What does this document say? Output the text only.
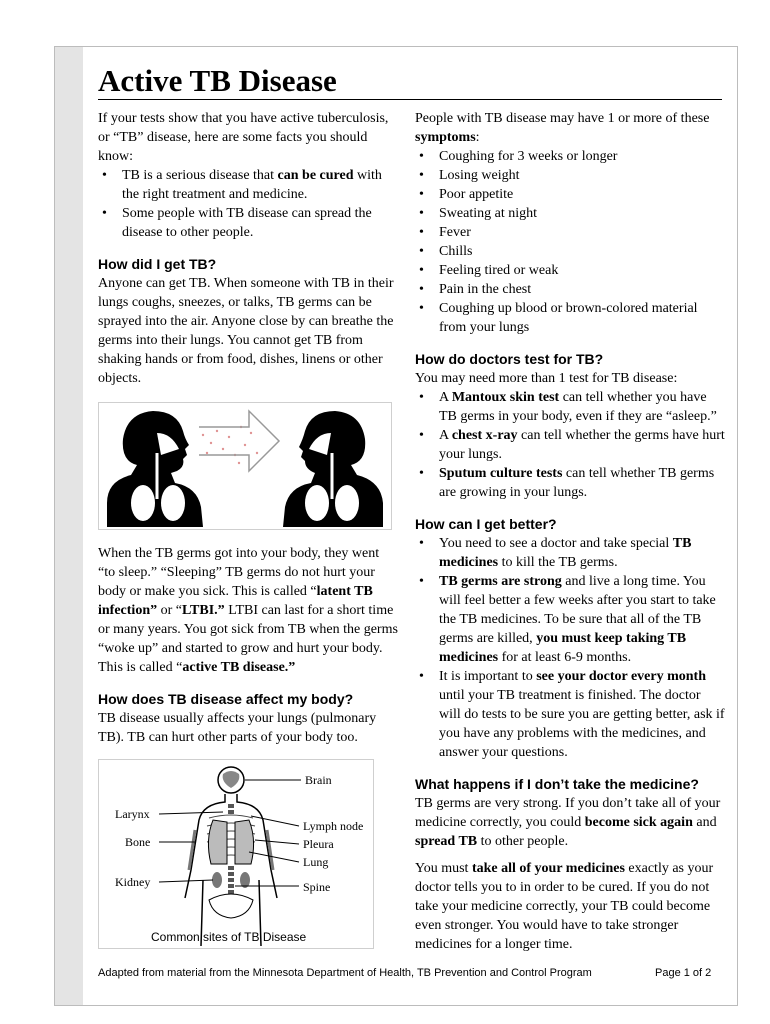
Active TB Disease

If your tests show that you have active tuberculosis, or “TB” disease, here are some facts you should know:

• TB is a serious disease that can be cured with the right treatment and medicine.
• Some people with TB disease can spread the disease to other people.
How did I get TB?

Anyone can get TB. When someone with TB in their lungs coughs, sneezes, or talks, TB germs can be sprayed into the air. Anyone close by can breathe the germs into their lungs. You cannot get TB from shaking hands or from food, dishes, linens or other objects.

When the TB germs got into your body, they went “to sleep.” “Sleeping” TB germs do not hurt your body or make you sick. This is called “latent TB infection” or “LTBI.” LTBI can last for a short time or many years. You got sick from TB when the germs “woke up” and started to grow and hurt your body. This is called “active TB disease.”

How does TB disease affect my body?

TB disease usually affects your lungs (pulmonary TB). TB can hurt other parts of your body too.

Brain
Larynx
Lymph node
Bone	Pleura
Lung
Kidney	Spine
Common sites of TB Disease

People with TB disease may have 1 or more of these symptoms:

• Coughing for 3 weeks or longer
• Losing weight
• Poor appetite
• Sweating at night
• Fever
• Chills
• Feeling tired or weak
• Pain in the chest
• Coughing up blood or brown-colored material from your lungs
How do doctors test for TB?

You may need more than 1 test for TB disease:

• A Mantoux skin test can tell whether you have TB germs in your body, even if they are “asleep.”
• A chest x-ray can tell whether the germs have hurt your lungs.
• Sputum culture tests can tell whether TB germs are growing in your lungs.
How can I get better?
• You need to see a doctor and take special TB medicines to kill the TB germs.
• TB germs are strong and live a long time. You will feel better a few weeks after you start to take the TB medicines. To be sure that all of the TB germs are killed, you must keep taking TB medicines for at least 6-9 months.
• It is important to see your doctor every month until your TB treatment is finished. The doctor will do tests to be sure you are getting better, ask if you have any problems with the medicines, and answer your questions.
What happens if I don’t take the medicine?

TB germs are very strong. If you don’t take all of your medicine correctly, you could become sick again and spread TB to other people.

You must take all of your medicines exactly as your doctor tells you to in order to be cured. If you do not take your medicine correctly, your TB could become even stronger. You would have to take stronger medicines for a longer time.

Adapted from material from the Minnesota Department of Health, TB Prevention and Control Program	Page 1 of 2
